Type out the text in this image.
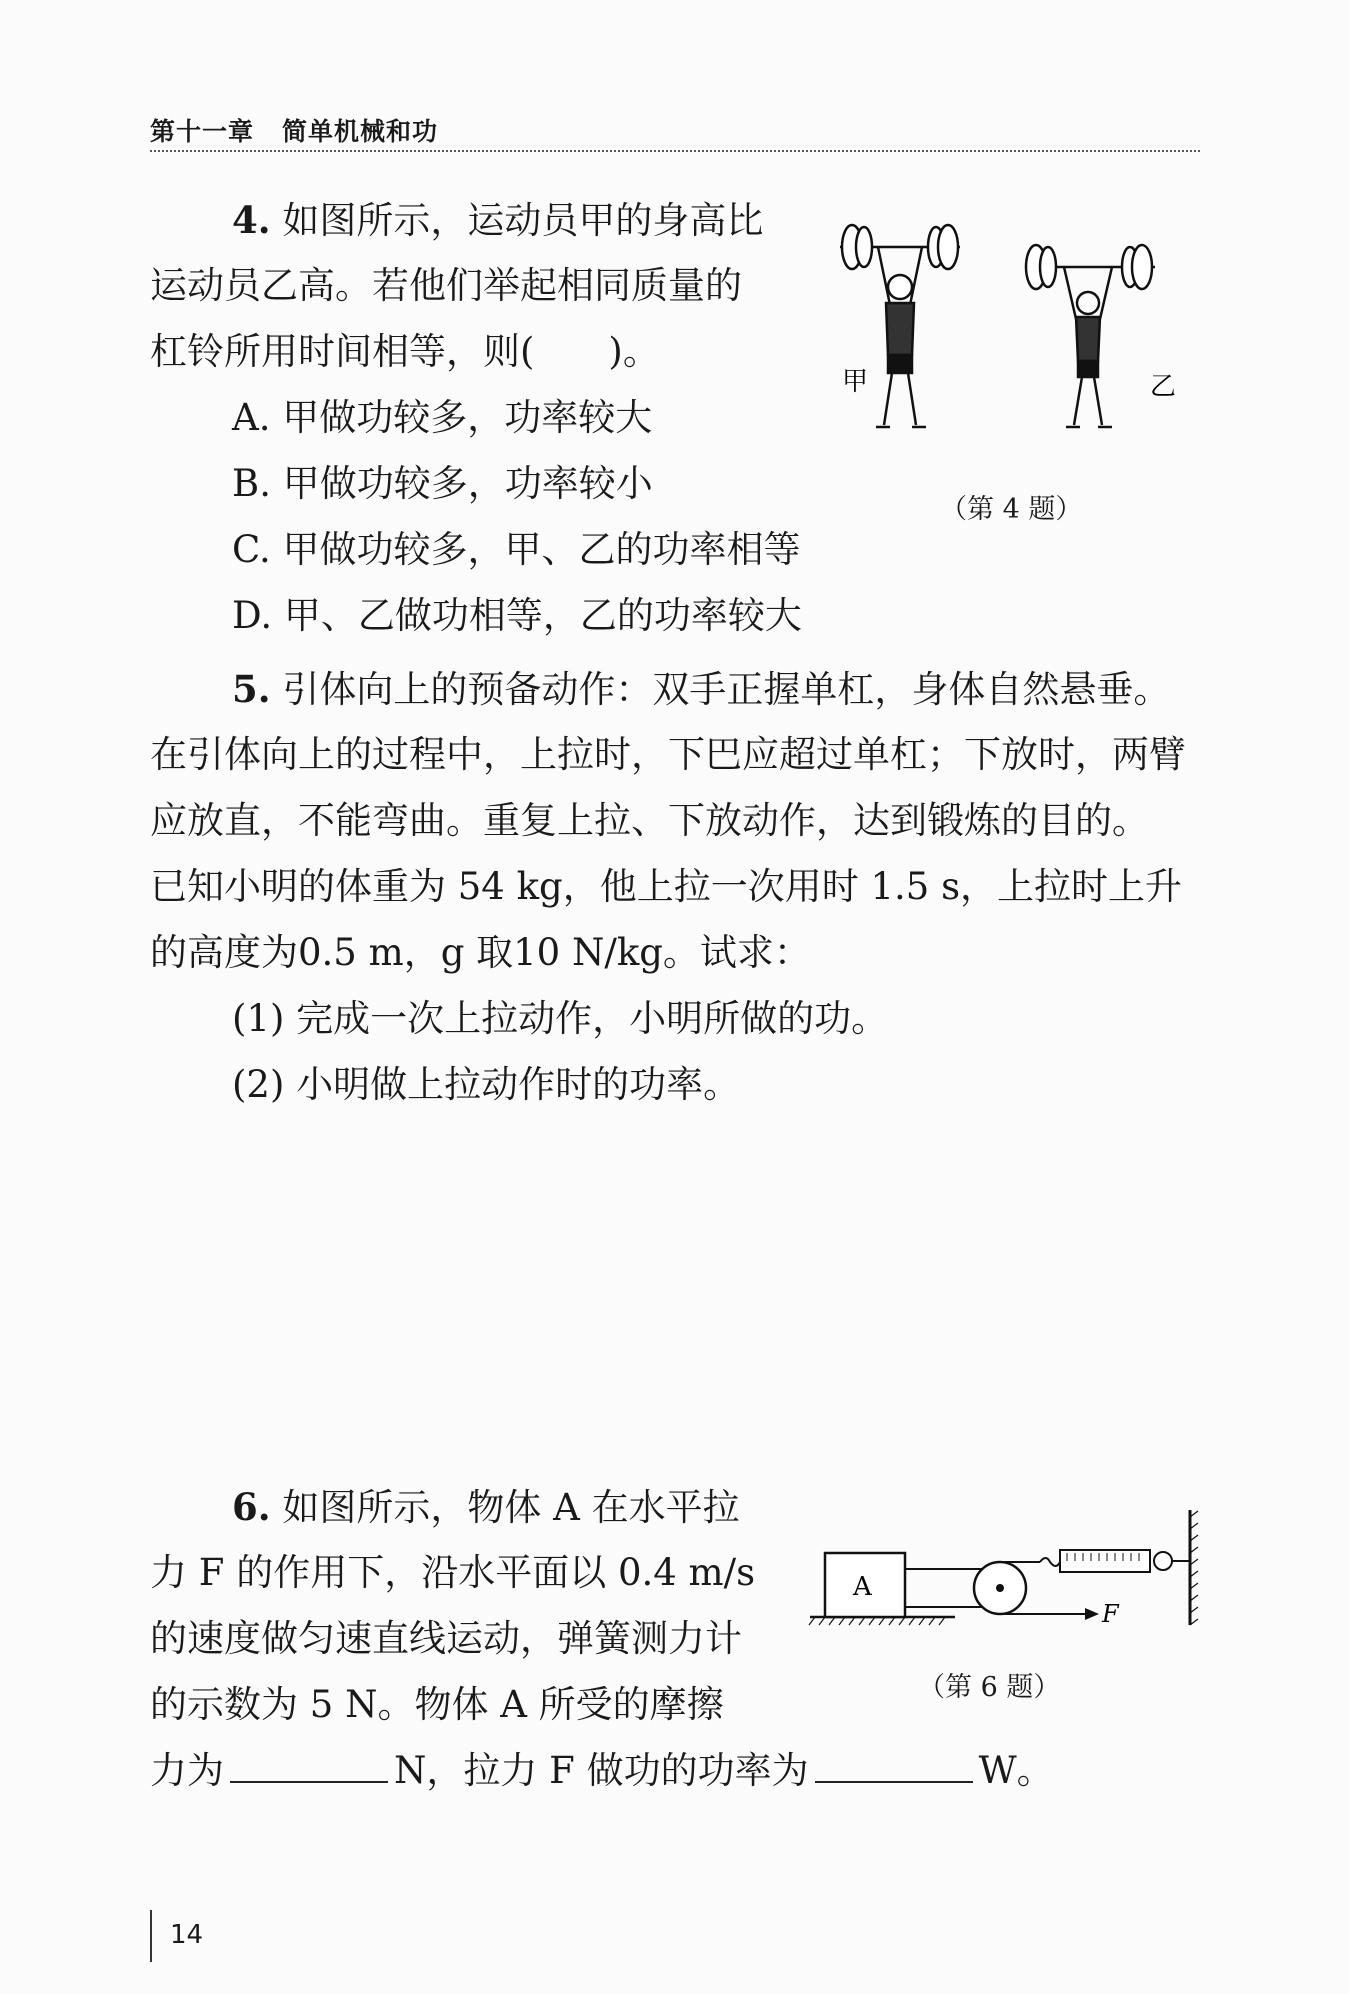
第十一章 简单机械和功
4. 如图所示，运动员甲的身高比
运动员乙高。若他们举起相同质量的
杠铃所用时间相等，则(　　)。
A. 甲做功较多，功率较大
B. 甲做功较多，功率较小
C. 甲做功较多，甲、乙的功率相等
D. 甲、乙做功相等，乙的功率较大
甲	乙
（第 4 题）
5. 引体向上的预备动作：双手正握单杠，身体自然悬垂。
在引体向上的过程中，上拉时，下巴应超过单杠；下放时，两臂
应放直，不能弯曲。重复上拉、下放动作，达到锻炼的目的。
已知小明的体重为 54 kg，他上拉一次用时 1.5 s，上拉时上升
的高度为0.5 m，g 取10 N/kg。试求：
(1) 完成一次上拉动作，小明所做的功。
(2) 小明做上拉动作时的功率。
6. 如图所示，物体 A 在水平拉
力 F 的作用下，沿水平面以 0.4 m/s
的速度做匀速直线运动，弹簧测力计
的示数为 5 N。物体 A 所受的摩擦
力为	N，拉力 F 做功的功率为	W。
A
F
（第 6 题）
14
